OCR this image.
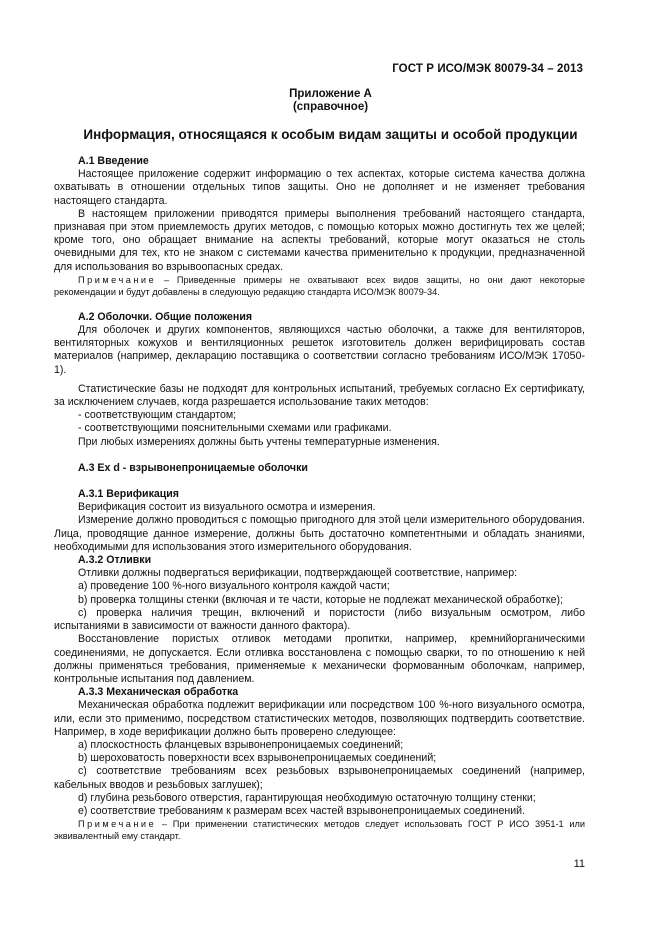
ГОСТ Р ИСО/МЭК 80079-34 – 2013
Приложение А
(справочное)
Информация, относящаяся к особым видам защиты и особой продукции

А.1 Введение

Настоящее приложение содержит информацию о тех аспектах, которые система качества должна охватывать в отношении отдельных типов защиты. Оно не дополняет и не изменяет требования настоящего стандарта.

В настоящем приложении приводятся примеры выполнения требований настоящего стандарта, признавая при этом приемлемость других методов, с помощью которых можно достигнуть тех же целей; кроме того, оно обращает внимание на аспекты требований, которые могут оказаться не столь очевидными для тех, кто не знаком с системами качества применительно к продукции, предназначенной для использования во взрывоопасных средах.

Примечание – Приведенные примеры не охватывают всех видов защиты, но они дают некоторые рекомендации и будут добавлены в следующую редакцию стандарта ИСО/МЭК 80079-34.

А.2 Оболочки. Общие положения

Для оболочек и других компонентов, являющихся частью оболочки, а также для вентиляторов, вентиляторных кожухов и вентиляционных решеток изготовитель должен верифицировать состав материалов (например, декларацию поставщика о соответствии согласно требованиям ИСО/МЭК 17050-1).

Статистические базы не подходят для контрольных испытаний, требуемых согласно Ex сертификату, за исключением случаев, когда разрешается использование таких методов:

- соответствующим стандартом;

- соответствующими пояснительными схемами или графиками.

При любых измерениях должны быть учтены температурные изменения.

А.3 Ex d - взрывонепроницаемые оболочки

А.3.1 Верификация

Верификация состоит из визуального осмотра и измерения.

Измерение должно проводиться с помощью пригодного для этой цели измерительного оборудования. Лица, проводящие данное измерение, должны быть достаточно компетентными и обладать знаниями, необходимыми для использования этого измерительного оборудования.

А.3.2 Отливки

Отливки должны подвергаться верификации, подтверждающей соответствие, например:

a) проведение 100 %-ного визуального контроля каждой части;

b) проверка толщины стенки (включая и те части, которые не подлежат механической обработке);

c) проверка наличия трещин, включений и пористости (либо визуальным осмотром, либо испытаниями в зависимости от важности данного фактора).

Восстановление пористых отливок методами пропитки, например, кремнийорганическими соединениями, не допускается. Если отливка восстановлена с помощью сварки, то по отношению к ней должны применяться требования, применяемые к механически формованным оболочкам, например, контрольные испытания под давлением.

А.3.3 Механическая обработка

Механическая обработка подлежит верификации или посредством 100 %-ного визуального осмотра, или, если это применимо, посредством статистических методов, позволяющих подтвердить соответствие. Например, в ходе верификации должно быть проверено следующее:

a) плоскостность фланцевых взрывонепроницаемых соединений;

b) шероховатость поверхности всех взрывонепроницаемых соединений;

c) соответствие требованиям всех резьбовых взрывонепроницаемых соединений (например, кабельных вводов и резьбовых заглушек);

d) глубина резьбового отверстия, гарантирующая необходимую остаточную толщину стенки;

e) соответствие требованиям к размерам всех частей взрывонепроницаемых соединений.

Примечание – При применении статистических методов следует использовать ГОСТ Р ИСО 3951-1 или эквивалентный ему стандарт.

11
